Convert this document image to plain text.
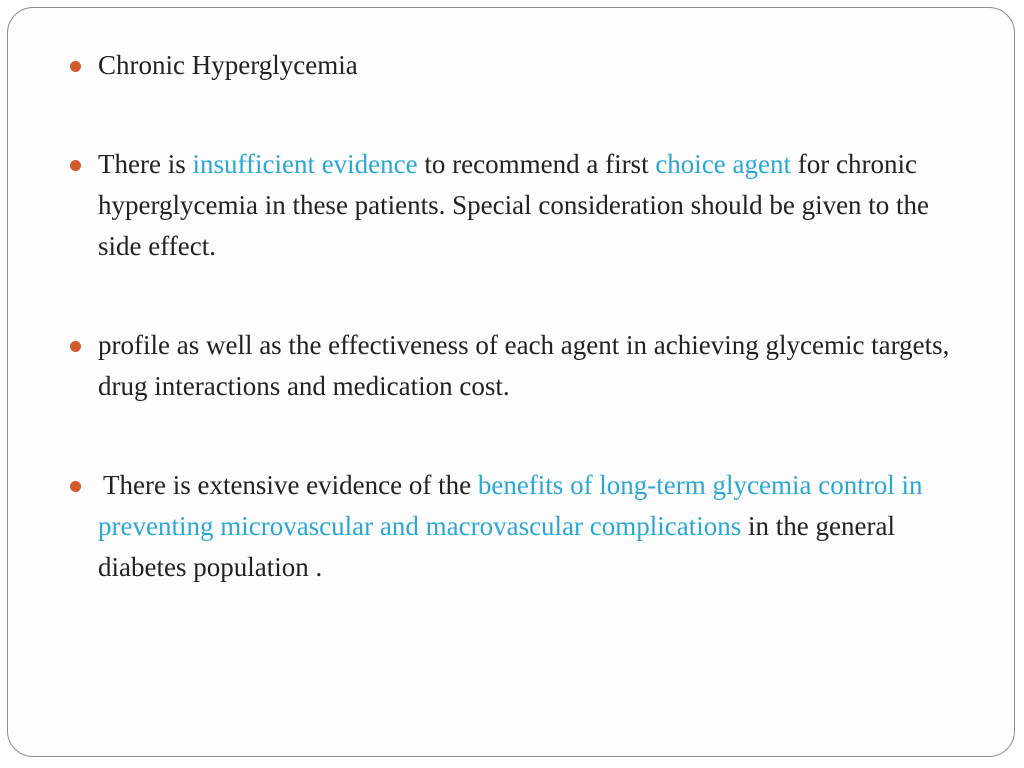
Chronic Hyperglycemia
There is insufficient evidence to recommend a first choice agent for chronic hyperglycemia in these patients. Special consideration should be given to the side effect.
profile as well as the effectiveness of each agent in achieving glycemic targets, drug interactions and medication cost.
There is extensive evidence of the benefits of long-term glycemia control in preventing microvascular and macrovascular complications in the general diabetes population .
